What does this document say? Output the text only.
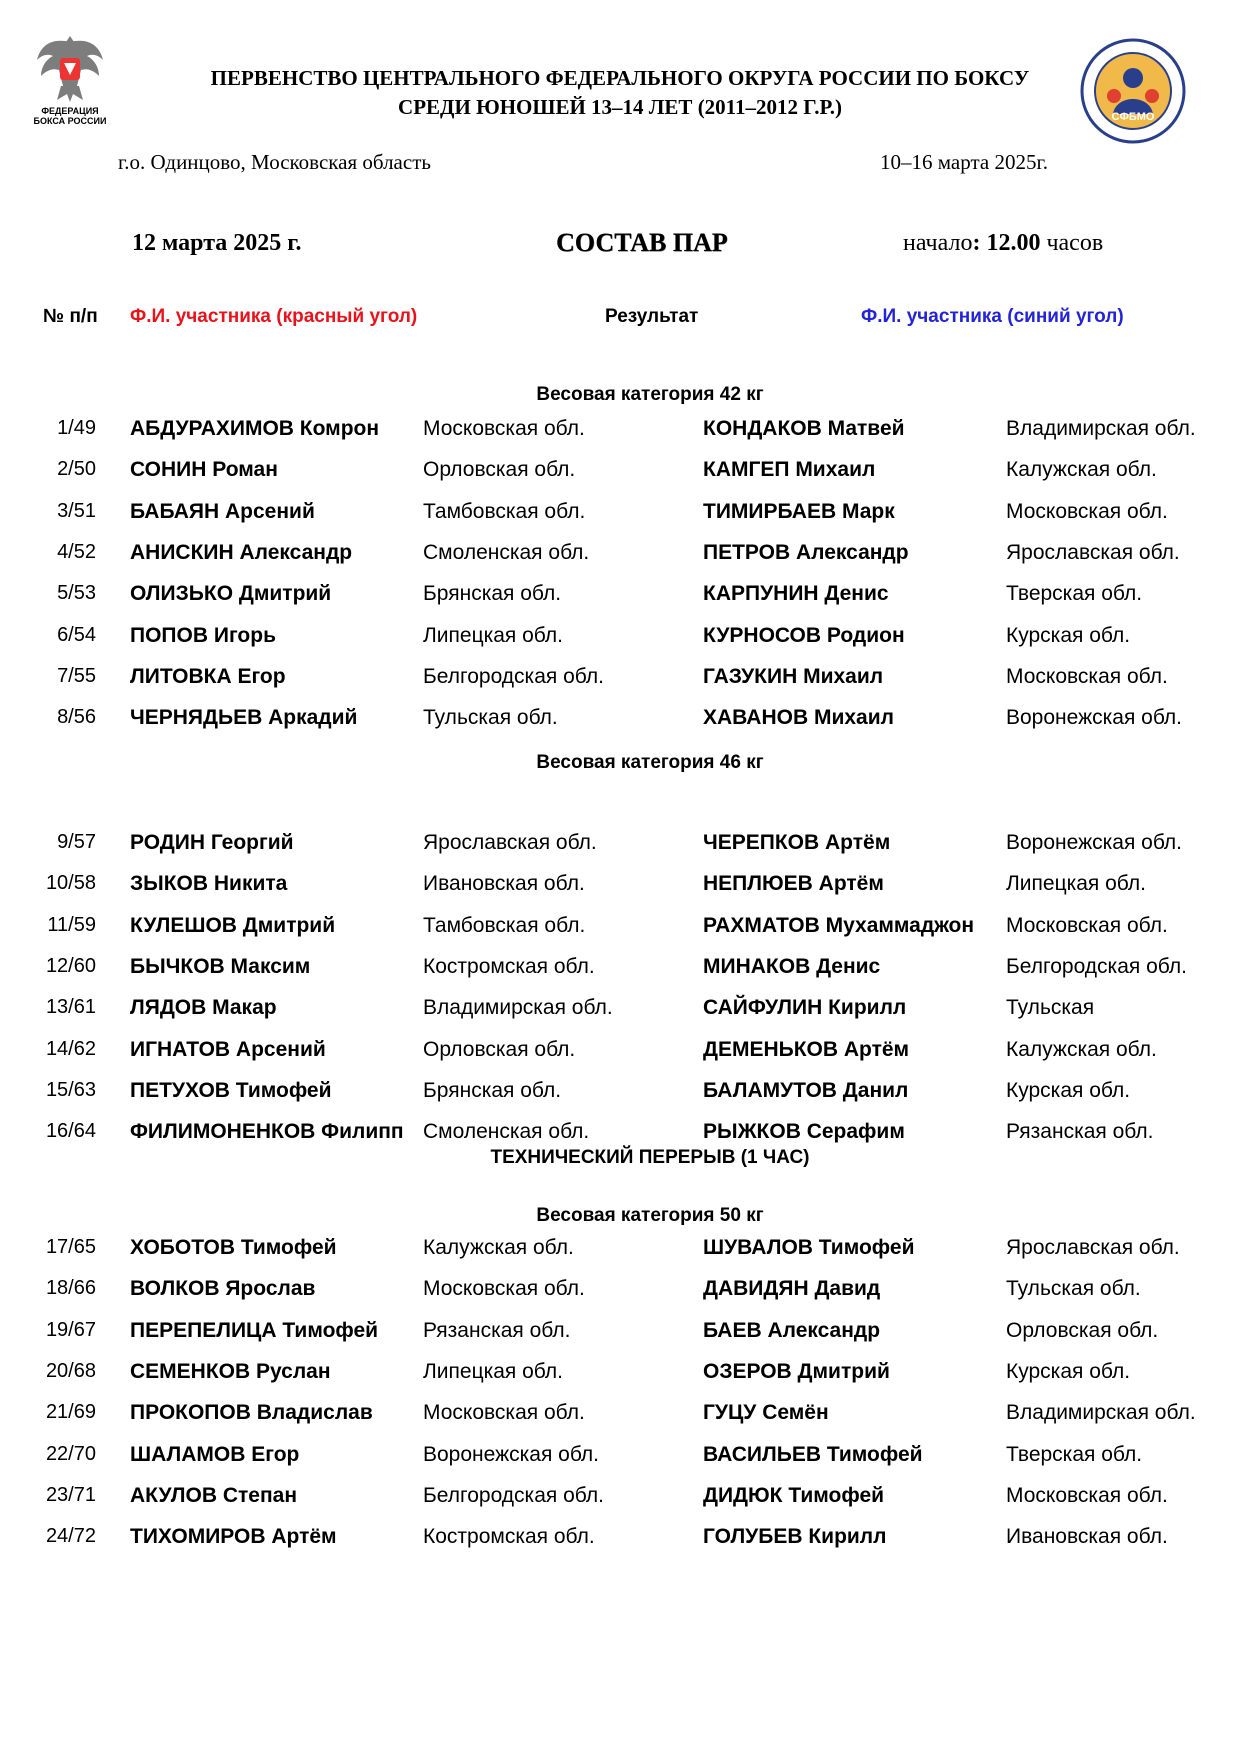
ФЕДЕРАЦИЯ
БОКСА РОССИИ	СФБМО
ПЕРВЕНСТВО ЦЕНТРАЛЬНОГО ФЕДЕРАЛЬНОГО ОКРУГА РОССИИ ПО БОКСУ
СРЕДИ ЮНОШЕЙ 13–14 ЛЕТ (2011–2012 Г.Р.)
г.о. Одинцово, Московская область	10–16 марта 2025г.
12 марта 2025 г.	СОСТАВ ПАР	начало: 12.00 часов
№ п/п Ф.И. участника (красный угол)	Результат	Ф.И. участника (синий угол)
Весовая категория 42 кг
1/49 АБДУРАХИМОВ Комрон Московская обл.	КОНДАКОВ Матвей	Владимирская обл.
2/50 СОНИН Роман	Орловская обл.	КАМГЕП Михаил	Калужская обл.
3/51 БАБАЯН Арсений	Тамбовская обл.	ТИМИРБАЕВ Марк	Московская обл.
4/52 АНИСКИН Александр	Смоленская обл.	ПЕТРОВ Александр	Ярославская обл.
5/53 ОЛИЗЬКО Дмитрий	Брянская обл.	КАРПУНИН Денис	Тверская обл.
6/54 ПОПОВ Игорь	Липецкая обл.	КУРНОСОВ Родион	Курская обл.
7/55 ЛИТОВКА Егор	Белгородская обл.	ГАЗУКИН Михаил	Московская обл.
8/56 ЧЕРНЯДЬЕВ Аркадий	Тульская обл.	ХАВАНОВ Михаил	Воронежская обл.
Весовая категория 46 кг
9/57 РОДИН Георгий	Ярославская обл.	ЧЕРЕПКОВ Артём	Воронежская обл.
10/58 ЗЫКОВ Никита	Ивановская обл.	НЕПЛЮЕВ Артём	Липецкая обл.
11/59 КУЛЕШОВ Дмитрий	Тамбовская обл.	РАХМАТОВ Мухаммаджон Московская обл.
12/60 БЫЧКОВ Максим	Костромская обл.	МИНАКОВ Денис	Белгородская обл.
13/61 ЛЯДОВ Макар	Владимирская обл.	САЙФУЛИН Кирилл	Тульская
14/62 ИГНАТОВ Арсений	Орловская обл.	ДЕМЕНЬКОВ Артём	Калужская обл.
15/63 ПЕТУХОВ Тимофей	Брянская обл.	БАЛАМУТОВ Данил	Курская обл.
16/64 ФИЛИМОНЕНКОВ Филипп Смоленская обл.	РЫЖКОВ Серафим	Рязанская обл.
ТЕХНИЧЕСКИЙ ПЕРЕРЫВ (1 ЧАС)
Весовая категория 50 кг
17/65 ХОБОТОВ Тимофей	Калужская обл.	ШУВАЛОВ Тимофей	Ярославская обл.
18/66 ВОЛКОВ Ярослав	Московская обл.	ДАВИДЯН Давид	Тульская обл.
19/67 ПЕРЕПЕЛИЦА Тимофей Рязанская обл.	БАЕВ Александр	Орловская обл.
20/68 СЕМЕНКОВ Руслан	Липецкая обл.	ОЗЕРОВ Дмитрий	Курская обл.
21/69 ПРОКОПОВ Владислав Московская обл.	ГУЦУ Семён	Владимирская обл.
22/70 ШАЛАМОВ Егор	Воронежская обл.	ВАСИЛЬЕВ Тимофей	Тверская обл.
23/71 АКУЛОВ Степан	Белгородская обл.	ДИДЮК Тимофей	Московская обл.
24/72 ТИХОМИРОВ Артём	Костромская обл.	ГОЛУБЕВ Кирилл	Ивановская обл.
